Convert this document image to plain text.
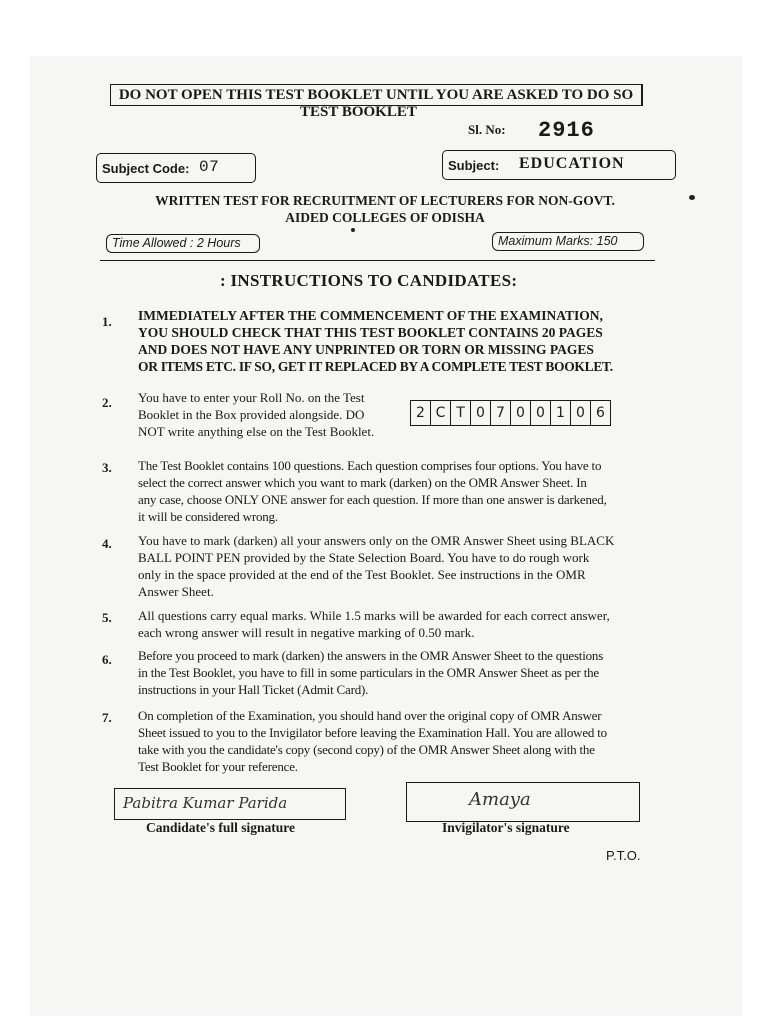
DO NOT OPEN THIS TEST BOOKLET UNTIL YOU ARE ASKED TO DO SO
TEST BOOKLET
Sl. No: 2916
Subject Code: 07	Subject: EDUCATION
WRITTEN TEST FOR RECRUITMENT OF LECTURERS FOR NON-GOVT.
AIDED COLLEGES OF ODISHA
Time Allowed : 2 Hours	Maximum Marks: 150
: INSTRUCTIONS TO CANDIDATES:
1. IMMEDIATELY AFTER THE COMMENCEMENT OF THE EXAMINATION,
YOU SHOULD CHECK THAT THIS TEST BOOKLET CONTAINS 20 PAGES
AND DOES NOT HAVE ANY UNPRINTED OR TORN OR MISSING PAGES
OR ITEMS ETC. IF SO, GET IT REPLACED BY A COMPLETE TEST BOOKLET.
2. You have to enter your Roll No. on the Test
Booklet in the Box provided alongside. DO
NOT write anything else on the Test Booklet.
2 C T 0 7 0 0 1 0 6
3. The Test Booklet contains 100 questions. Each question comprises four options. You have to
select the correct answer which you want to mark (darken) on the OMR Answer Sheet. In
any case, choose ONLY ONE answer for each question. If more than one answer is darkened,
it will be considered wrong.
4. You have to mark (darken) all your answers only on the OMR Answer Sheet using BLACK
BALL POINT PEN provided by the State Selection Board. You have to do rough work
only in the space provided at the end of the Test Booklet. See instructions in the OMR
Answer Sheet.
5. All questions carry equal marks. While 1.5 marks will be awarded for each correct answer,
each wrong answer will result in negative marking of 0.50 mark.
6. Before you proceed to mark (darken) the answers in the OMR Answer Sheet to the questions
in the Test Booklet, you have to fill in some particulars in the OMR Answer Sheet as per the
instructions in your Hall Ticket (Admit Card).
7. On completion of the Examination, you should hand over the original copy of OMR Answer
Sheet issued to you to the Invigilator before leaving the Examination Hall. You are allowed to
take with you the candidate's copy (second copy) of the OMR Answer Sheet along with the
Test Booklet for your reference.
Pabitra Kumar Parida
Candidate's full signature
Amaya
Invigilator's signature
P.T.O.
